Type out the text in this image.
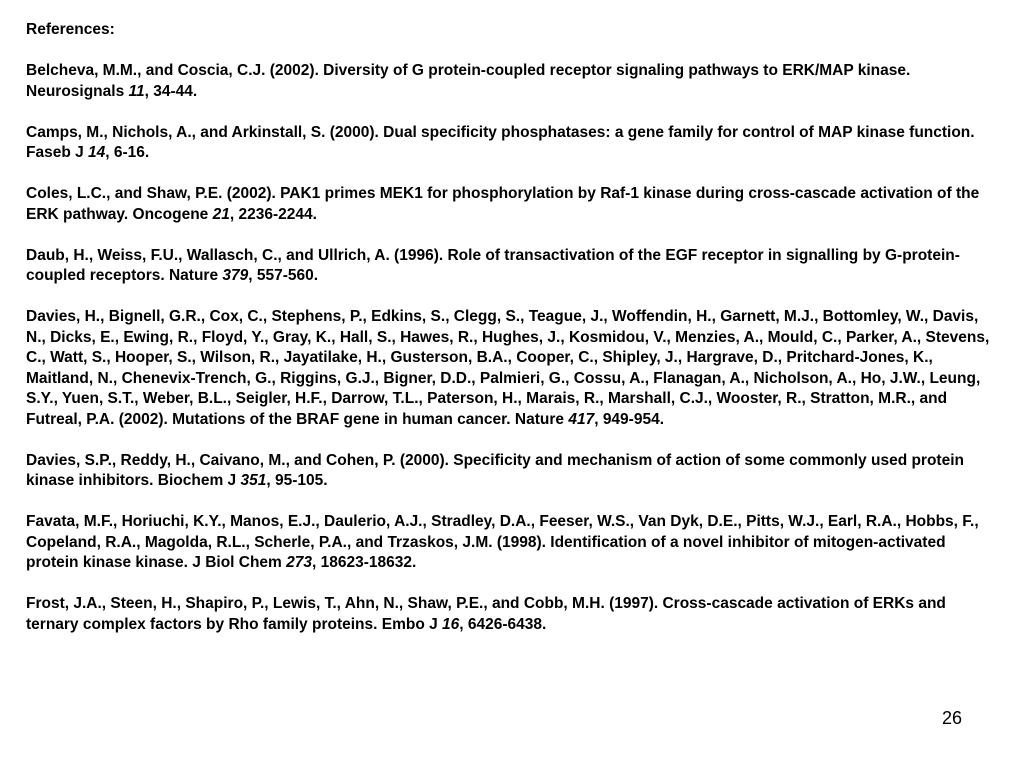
References:

Belcheva, M.M., and Coscia, C.J. (2002). Diversity of G protein-coupled receptor signaling pathways to ERK/MAP kinase. Neurosignals 11, 34-44.

Camps, M., Nichols, A., and Arkinstall, S. (2000). Dual specificity phosphatases: a gene family for control of MAP kinase function. Faseb J 14, 6-16.

Coles, L.C., and Shaw, P.E. (2002). PAK1 primes MEK1 for phosphorylation by Raf-1 kinase during cross-cascade activation of the ERK pathway. Oncogene 21, 2236-2244.

Daub, H., Weiss, F.U., Wallasch, C., and Ullrich, A. (1996). Role of transactivation of the EGF receptor in signalling by G-protein- coupled receptors. Nature 379, 557-560.

Davies, H., Bignell, G.R., Cox, C., Stephens, P., Edkins, S., Clegg, S., Teague, J., Woffendin, H., Garnett, M.J., Bottomley, W., Davis, N., Dicks, E., Ewing, R., Floyd, Y., Gray, K., Hall, S., Hawes, R., Hughes, J., Kosmidou, V., Menzies, A., Mould, C., Parker, A., Stevens, C., Watt, S., Hooper, S., Wilson, R., Jayatilake, H., Gusterson, B.A., Cooper, C., Shipley, J., Hargrave, D., Pritchard-Jones, K., Maitland, N., Chenevix-Trench, G., Riggins, G.J., Bigner, D.D., Palmieri, G., Cossu, A., Flanagan, A., Nicholson, A., Ho, J.W., Leung, S.Y., Yuen, S.T., Weber, B.L., Seigler, H.F., Darrow, T.L., Paterson, H., Marais, R., Marshall, C.J., Wooster, R., Stratton, M.R., and Futreal, P.A. (2002). Mutations of the BRAF gene in human cancer. Nature 417, 949-954.

Davies, S.P., Reddy, H., Caivano, M., and Cohen, P. (2000). Specificity and mechanism of action of some commonly used protein kinase inhibitors. Biochem J 351, 95-105.

Favata, M.F., Horiuchi, K.Y., Manos, E.J., Daulerio, A.J., Stradley, D.A., Feeser, W.S., Van Dyk, D.E., Pitts, W.J., Earl, R.A., Hobbs, F., Copeland, R.A., Magolda, R.L., Scherle, P.A., and Trzaskos, J.M. (1998). Identification of a novel inhibitor of mitogen-activated protein kinase kinase. J Biol Chem 273, 18623-18632.

Frost, J.A., Steen, H., Shapiro, P., Lewis, T., Ahn, N., Shaw, P.E., and Cobb, M.H. (1997). Cross-cascade activation of ERKs and ternary complex factors by Rho family proteins. Embo J 16, 6426-6438.

26
